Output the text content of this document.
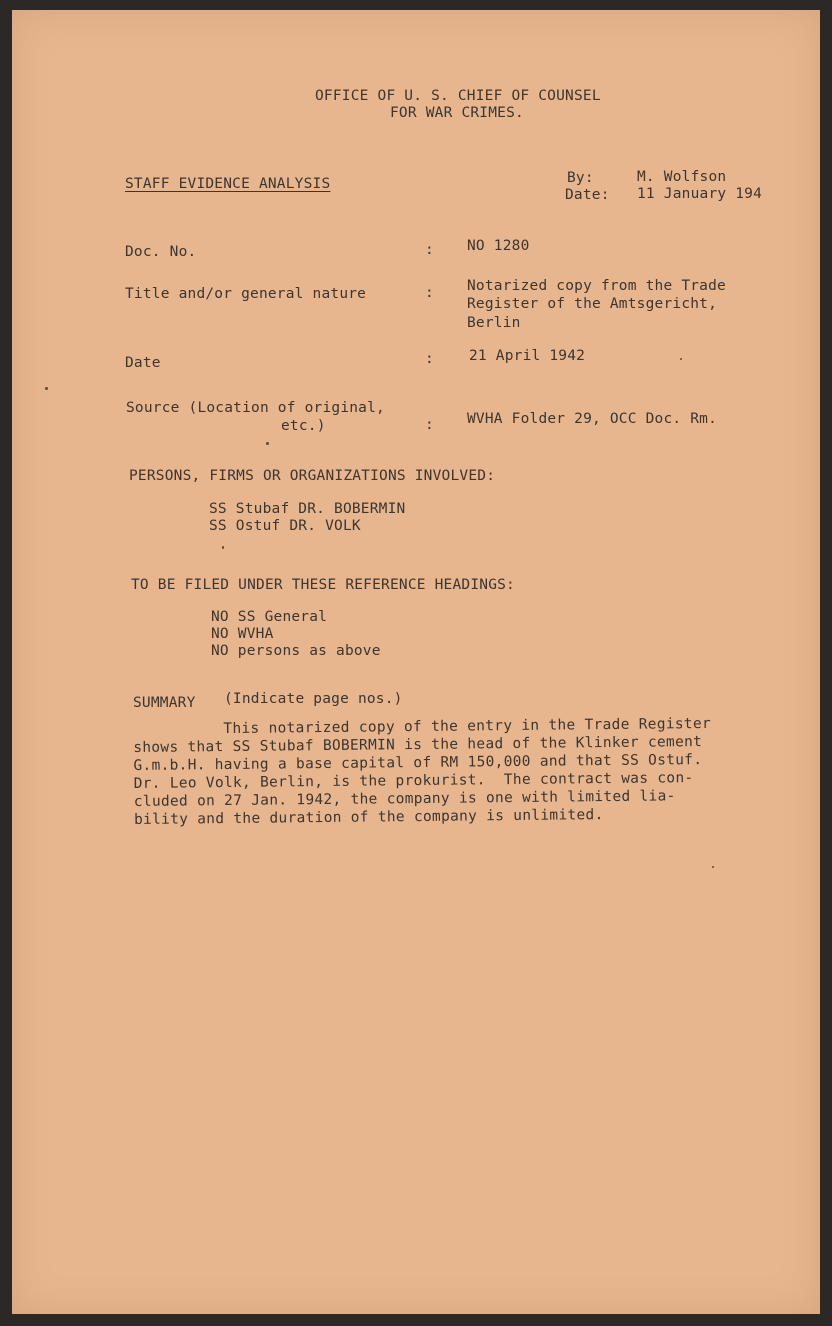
OFFICE OF U. S. CHIEF OF COUNSEL

FOR WAR CRIMES.

STAFF EVIDENCE ANALYSIS	By:	M. Wolfson

Date: 11 January 194

Doc. No.	: NO 1280

Title and/or general nature	: Notarized copy from the Trade

Register of the Amtsgericht,

Berlin

Date	: 21 April 1942

Source (Location of original,

etc.)	: WVHA Folder 29, OCC Doc. Rm.

PERSONS, FIRMS OR ORGANIZATIONS INVOLVED:

SS Stubaf DR. BOBERMIN

SS Ostuf DR. VOLK

TO BE FILED UNDER THESE REFERENCE HEADINGS:

NO SS General

NO WVHA

NO persons as above

SUMMARY (Indicate page nos.)

This notarized copy of the entry in the Trade Register
shows that SS Stubaf BOBERMIN is the head of the Klinker cement
G.m.b.H. having a base capital of RM 150,000 and that SS Ostuf.
Dr. Leo Volk, Berlin, is the prokurist.  The contract was con-
cluded on 27 Jan. 1942, the company is one with limited lia-
bility and the duration of the company is unlimited.
